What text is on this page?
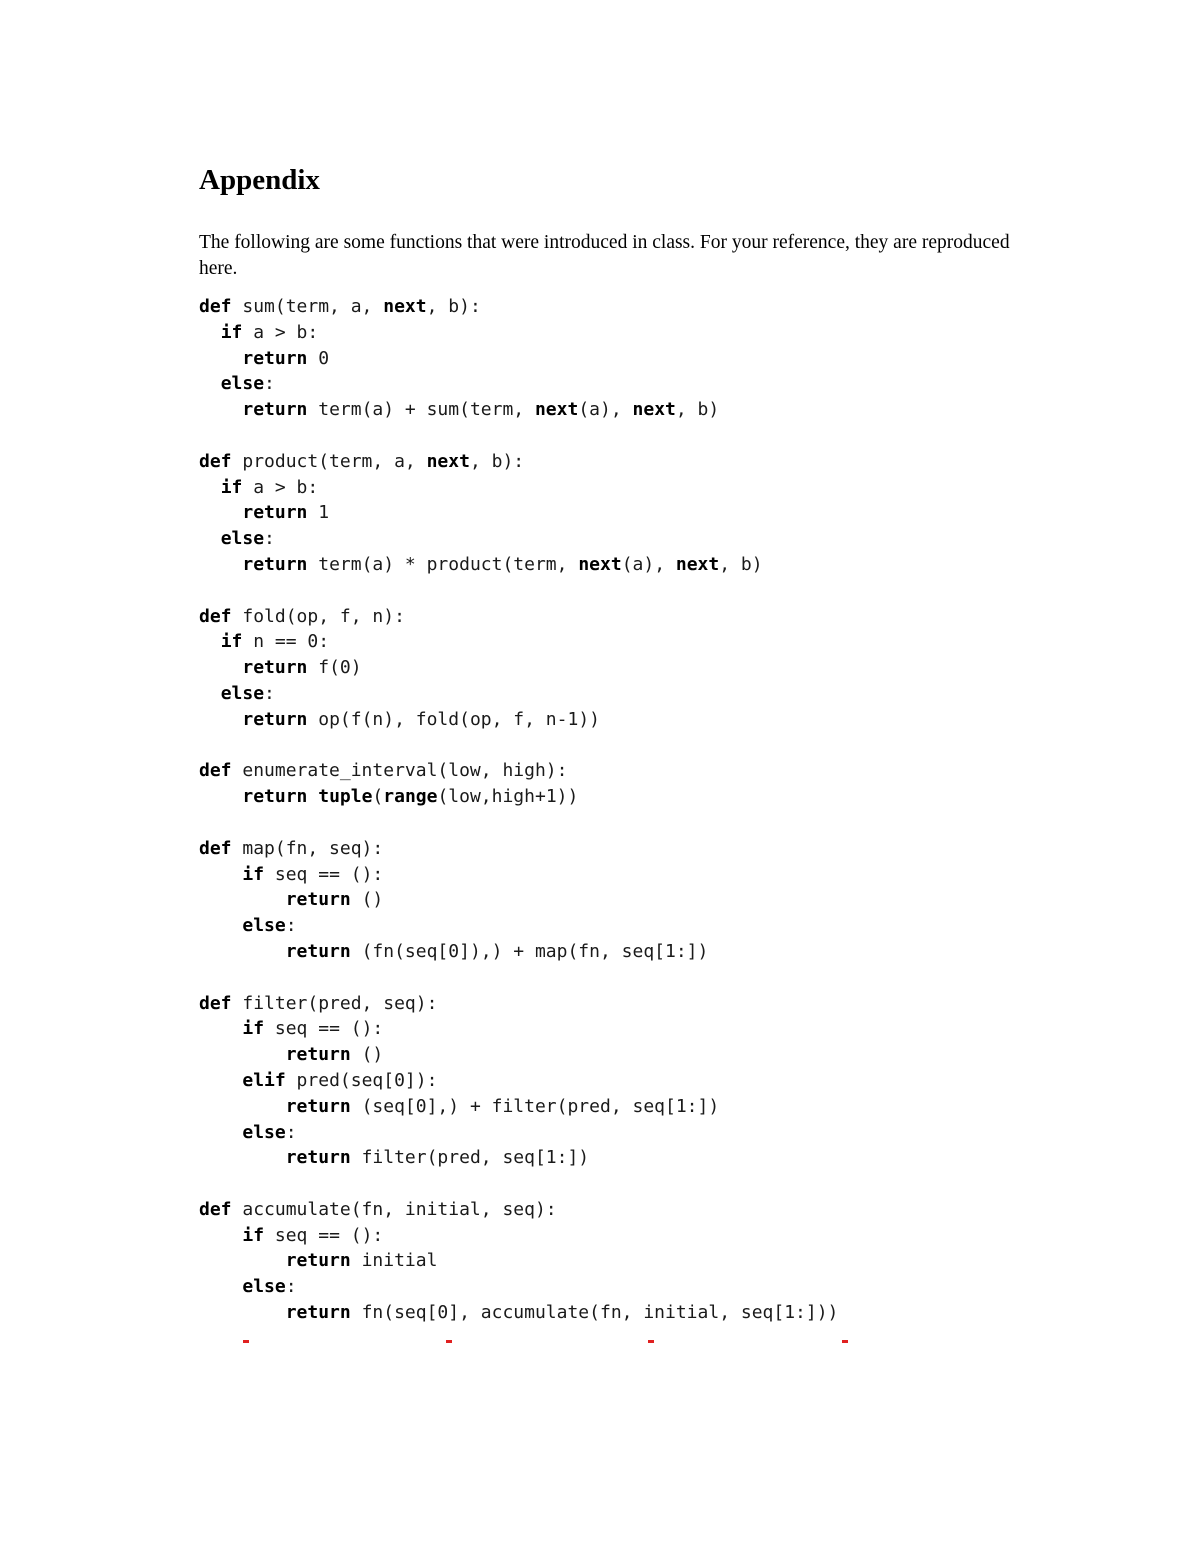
Appendix

The following are some functions that were introduced in class. For your reference, they are reproduced here.

def sum(term, a, next, b):
if a > b:
return 0
else:
return term(a) + sum(term, next(a), next, b)
def product(term, a, next, b):
if a > b:
return 1
else:
return term(a) * product(term, next(a), next, b)
def fold(op, f, n):
if n == 0:
return f(0)
else:
return op(f(n), fold(op, f, n-1))
def enumerate_interval(low, high):
return tuple(range(low,high+1))
def map(fn, seq):
if seq == ():
return ()
else:
return (fn(seq[0]),) + map(fn, seq[1:])
def filter(pred, seq):
if seq == ():
return ()
elif pred(seq[0]):
return (seq[0],) + filter(pred, seq[1:])
else:
return filter(pred, seq[1:])
def accumulate(fn, initial, seq):
if seq == ():
return initial
else:
return fn(seq[0], accumulate(fn, initial, seq[1:]))
